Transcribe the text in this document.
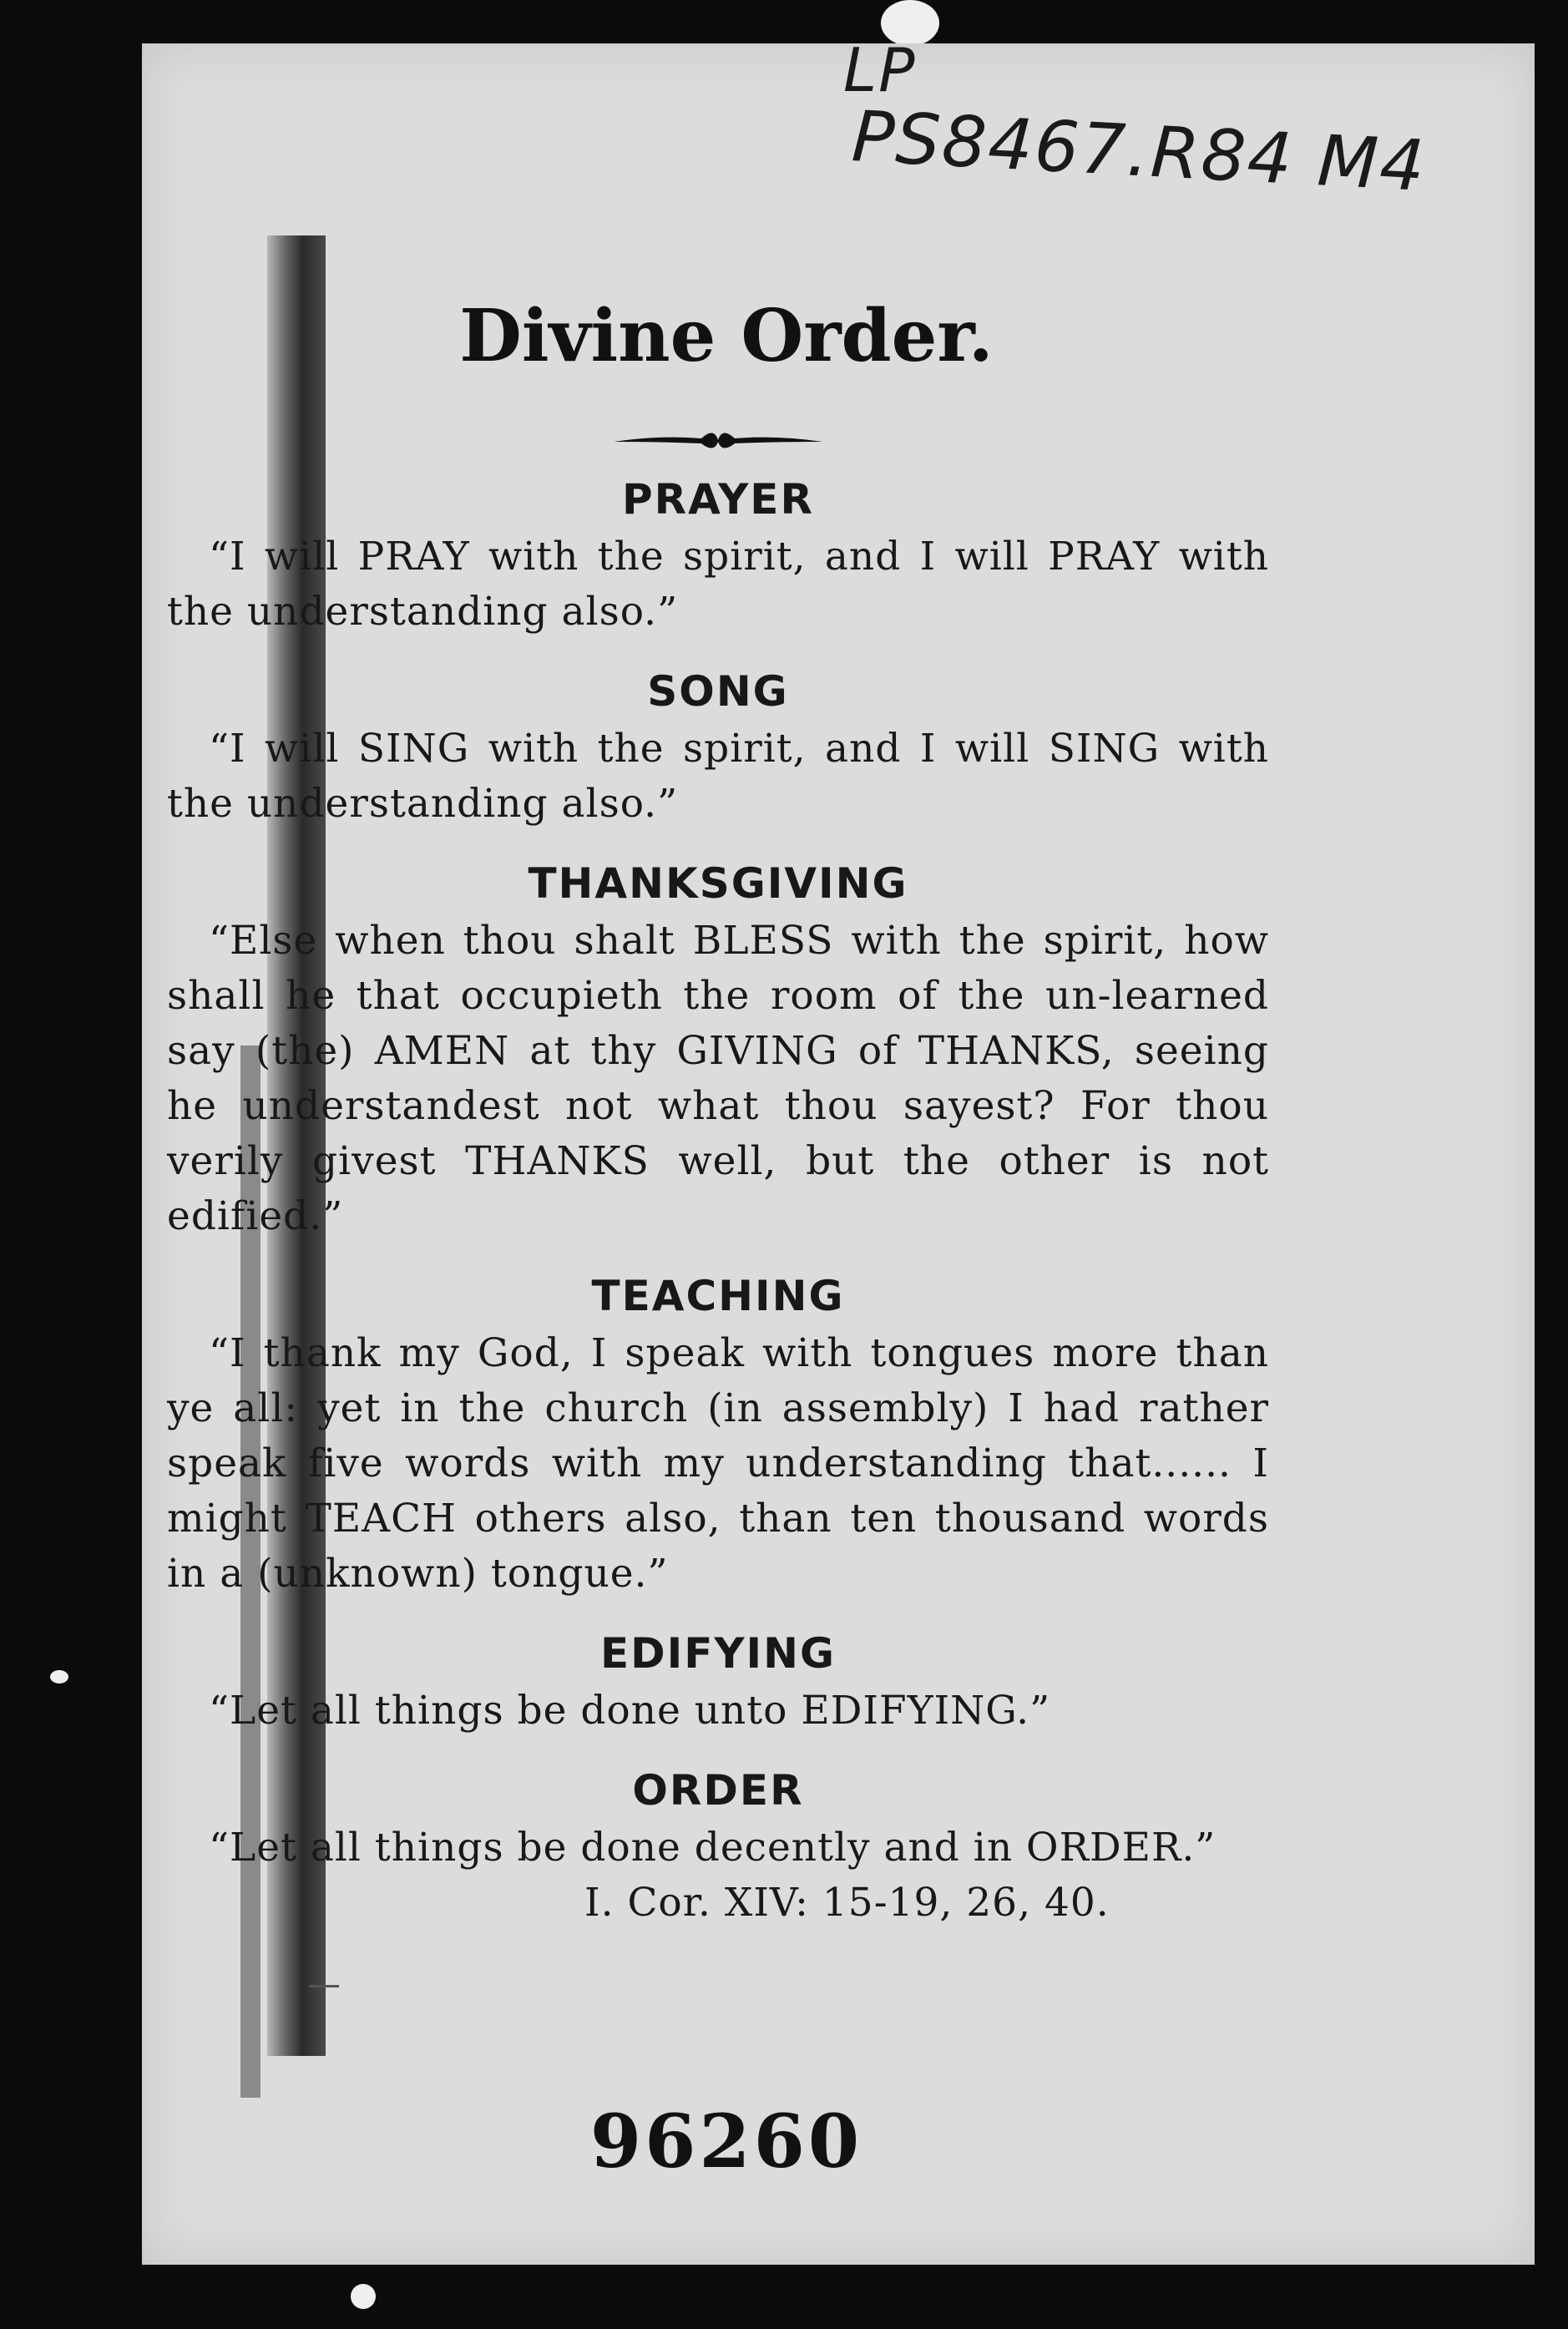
LP
PS8467.R84 M4
Divine Order.
PRAYER

“I will PRAY with the spirit, and I will PRAY with the understanding also.”

SONG

“I will SING with the spirit, and I will SING with the understanding also.”

THANKSGIVING

“Else when thou shalt BLESS with the spirit, how shall he that occupieth the room of the un-learned say (the) AMEN at thy GIVING of THANKS, seeing he understandest not what thou sayest? For thou verily givest THANKS well, but the other is not edified.”

TEACHING

“I thank my God, I speak with tongues more than ye all: yet in the church (in assembly) I had rather speak five words with my understanding that...... I might TEACH others also, than ten thousand words in a (unknown) tongue.”

EDIFYING

“Let all things be done unto EDIFYING.”

ORDER

“Let all things be done decently and in ORDER.”

I. Cor. XIV: 15-19, 26, 40.

96260
